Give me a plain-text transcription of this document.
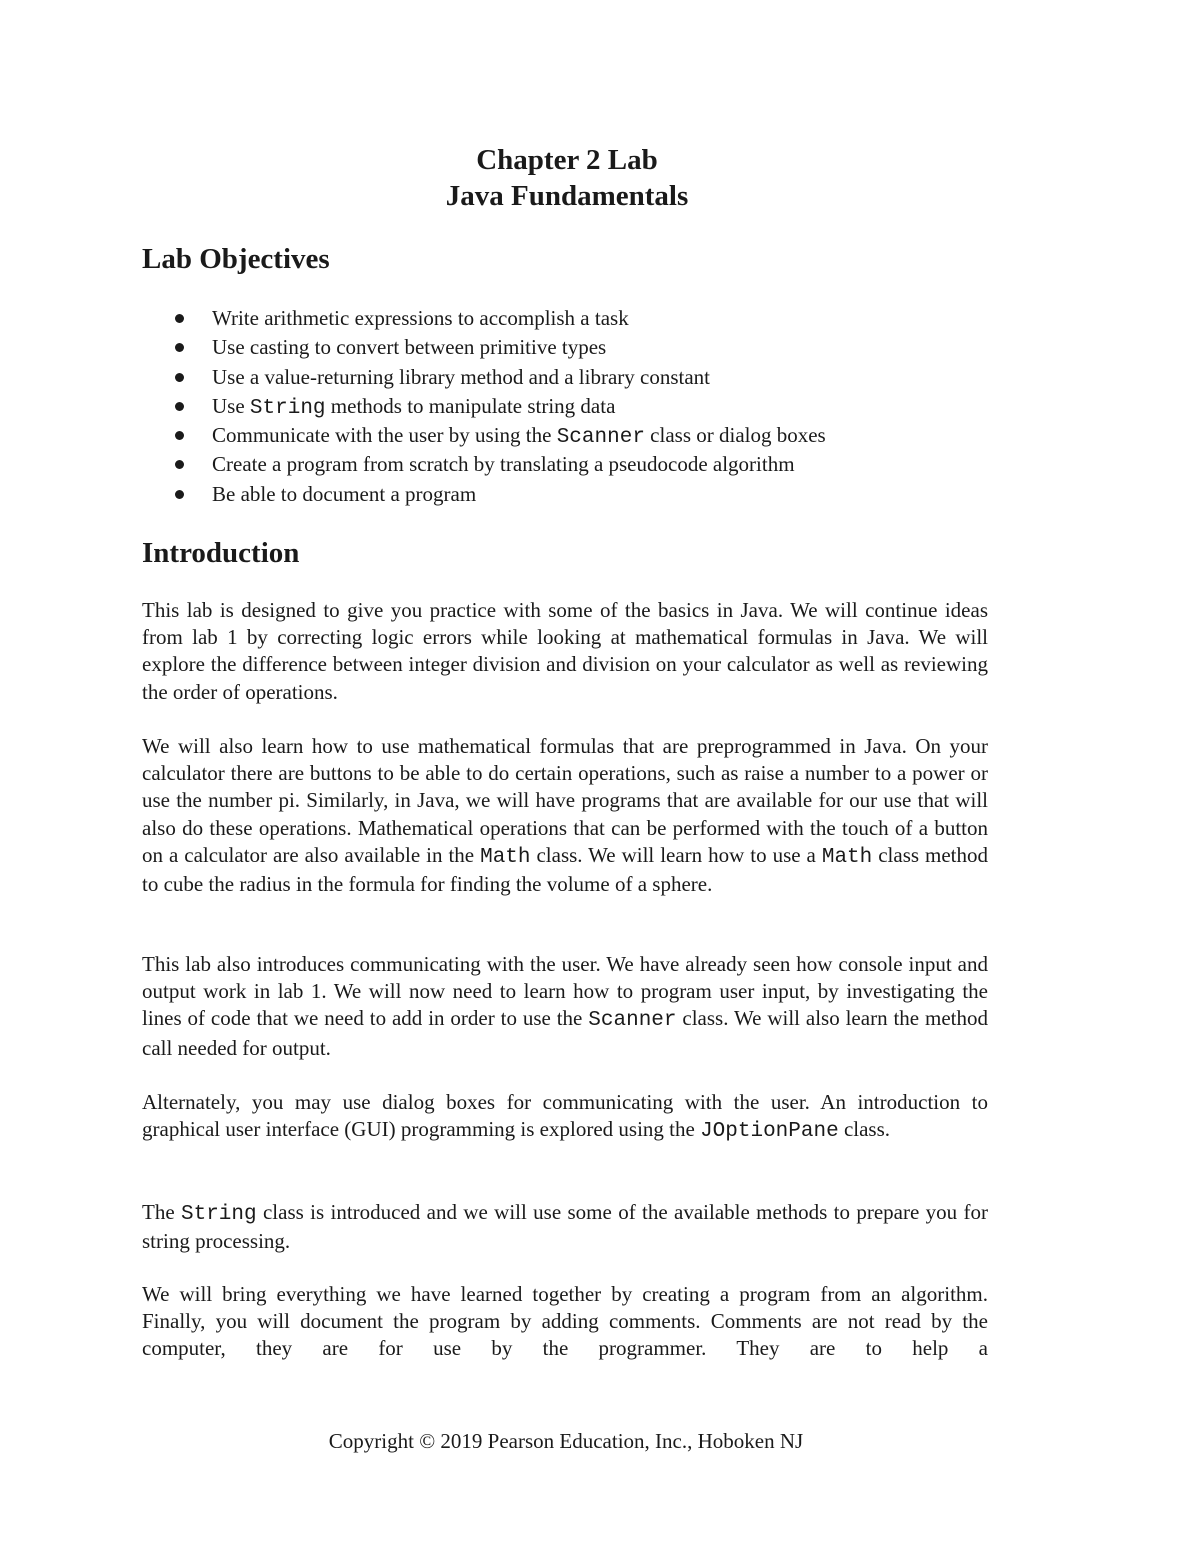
Chapter 2 Lab
Java Fundamentals
Lab Objectives
Write arithmetic expressions to accomplish a task
Use casting to convert between primitive types
Use a value-returning library method and a library constant
Use String methods to manipulate string data
Communicate with the user by using the Scanner class or dialog boxes
Create a program from scratch by translating a pseudocode algorithm
Be able to document a program
Introduction

This lab is designed to give you practice with some of the basics in Java. We will continue ideas from lab 1 by correcting logic errors while looking at mathematical formulas in Java. We will explore the difference between integer division and division on your calculator as well as reviewing the order of operations.

We will also learn how to use mathematical formulas that are preprogrammed in Java. On your calculator there are buttons to be able to do certain operations, such as raise a number to a power or use the number pi. Similarly, in Java, we will have programs that are available for our use that will also do these operations. Mathematical operations that can be performed with the touch of a button on a calculator are also available in the Math class. We will learn how to use a Math class method to cube the radius in the formula for finding the volume of a sphere.

This lab also introduces communicating with the user. We have already seen how console input and output work in lab 1. We will now need to learn how to program user input, by investigating the lines of code that we need to add in order to use the Scanner class. We will also learn the method call needed for output.

Alternately, you may use dialog boxes for communicating with the user. An introduction to graphical user interface (GUI) programming is explored using the JOptionPane class.

The String class is introduced and we will use some of the available methods to prepare you for string processing.

We will bring everything we have learned together by creating a program from an algorithm. Finally, you will document the program by adding comments. Comments are not read by the computer, they are for use by the programmer. They are to help a

Copyright © 2019 Pearson Education, Inc., Hoboken NJ
